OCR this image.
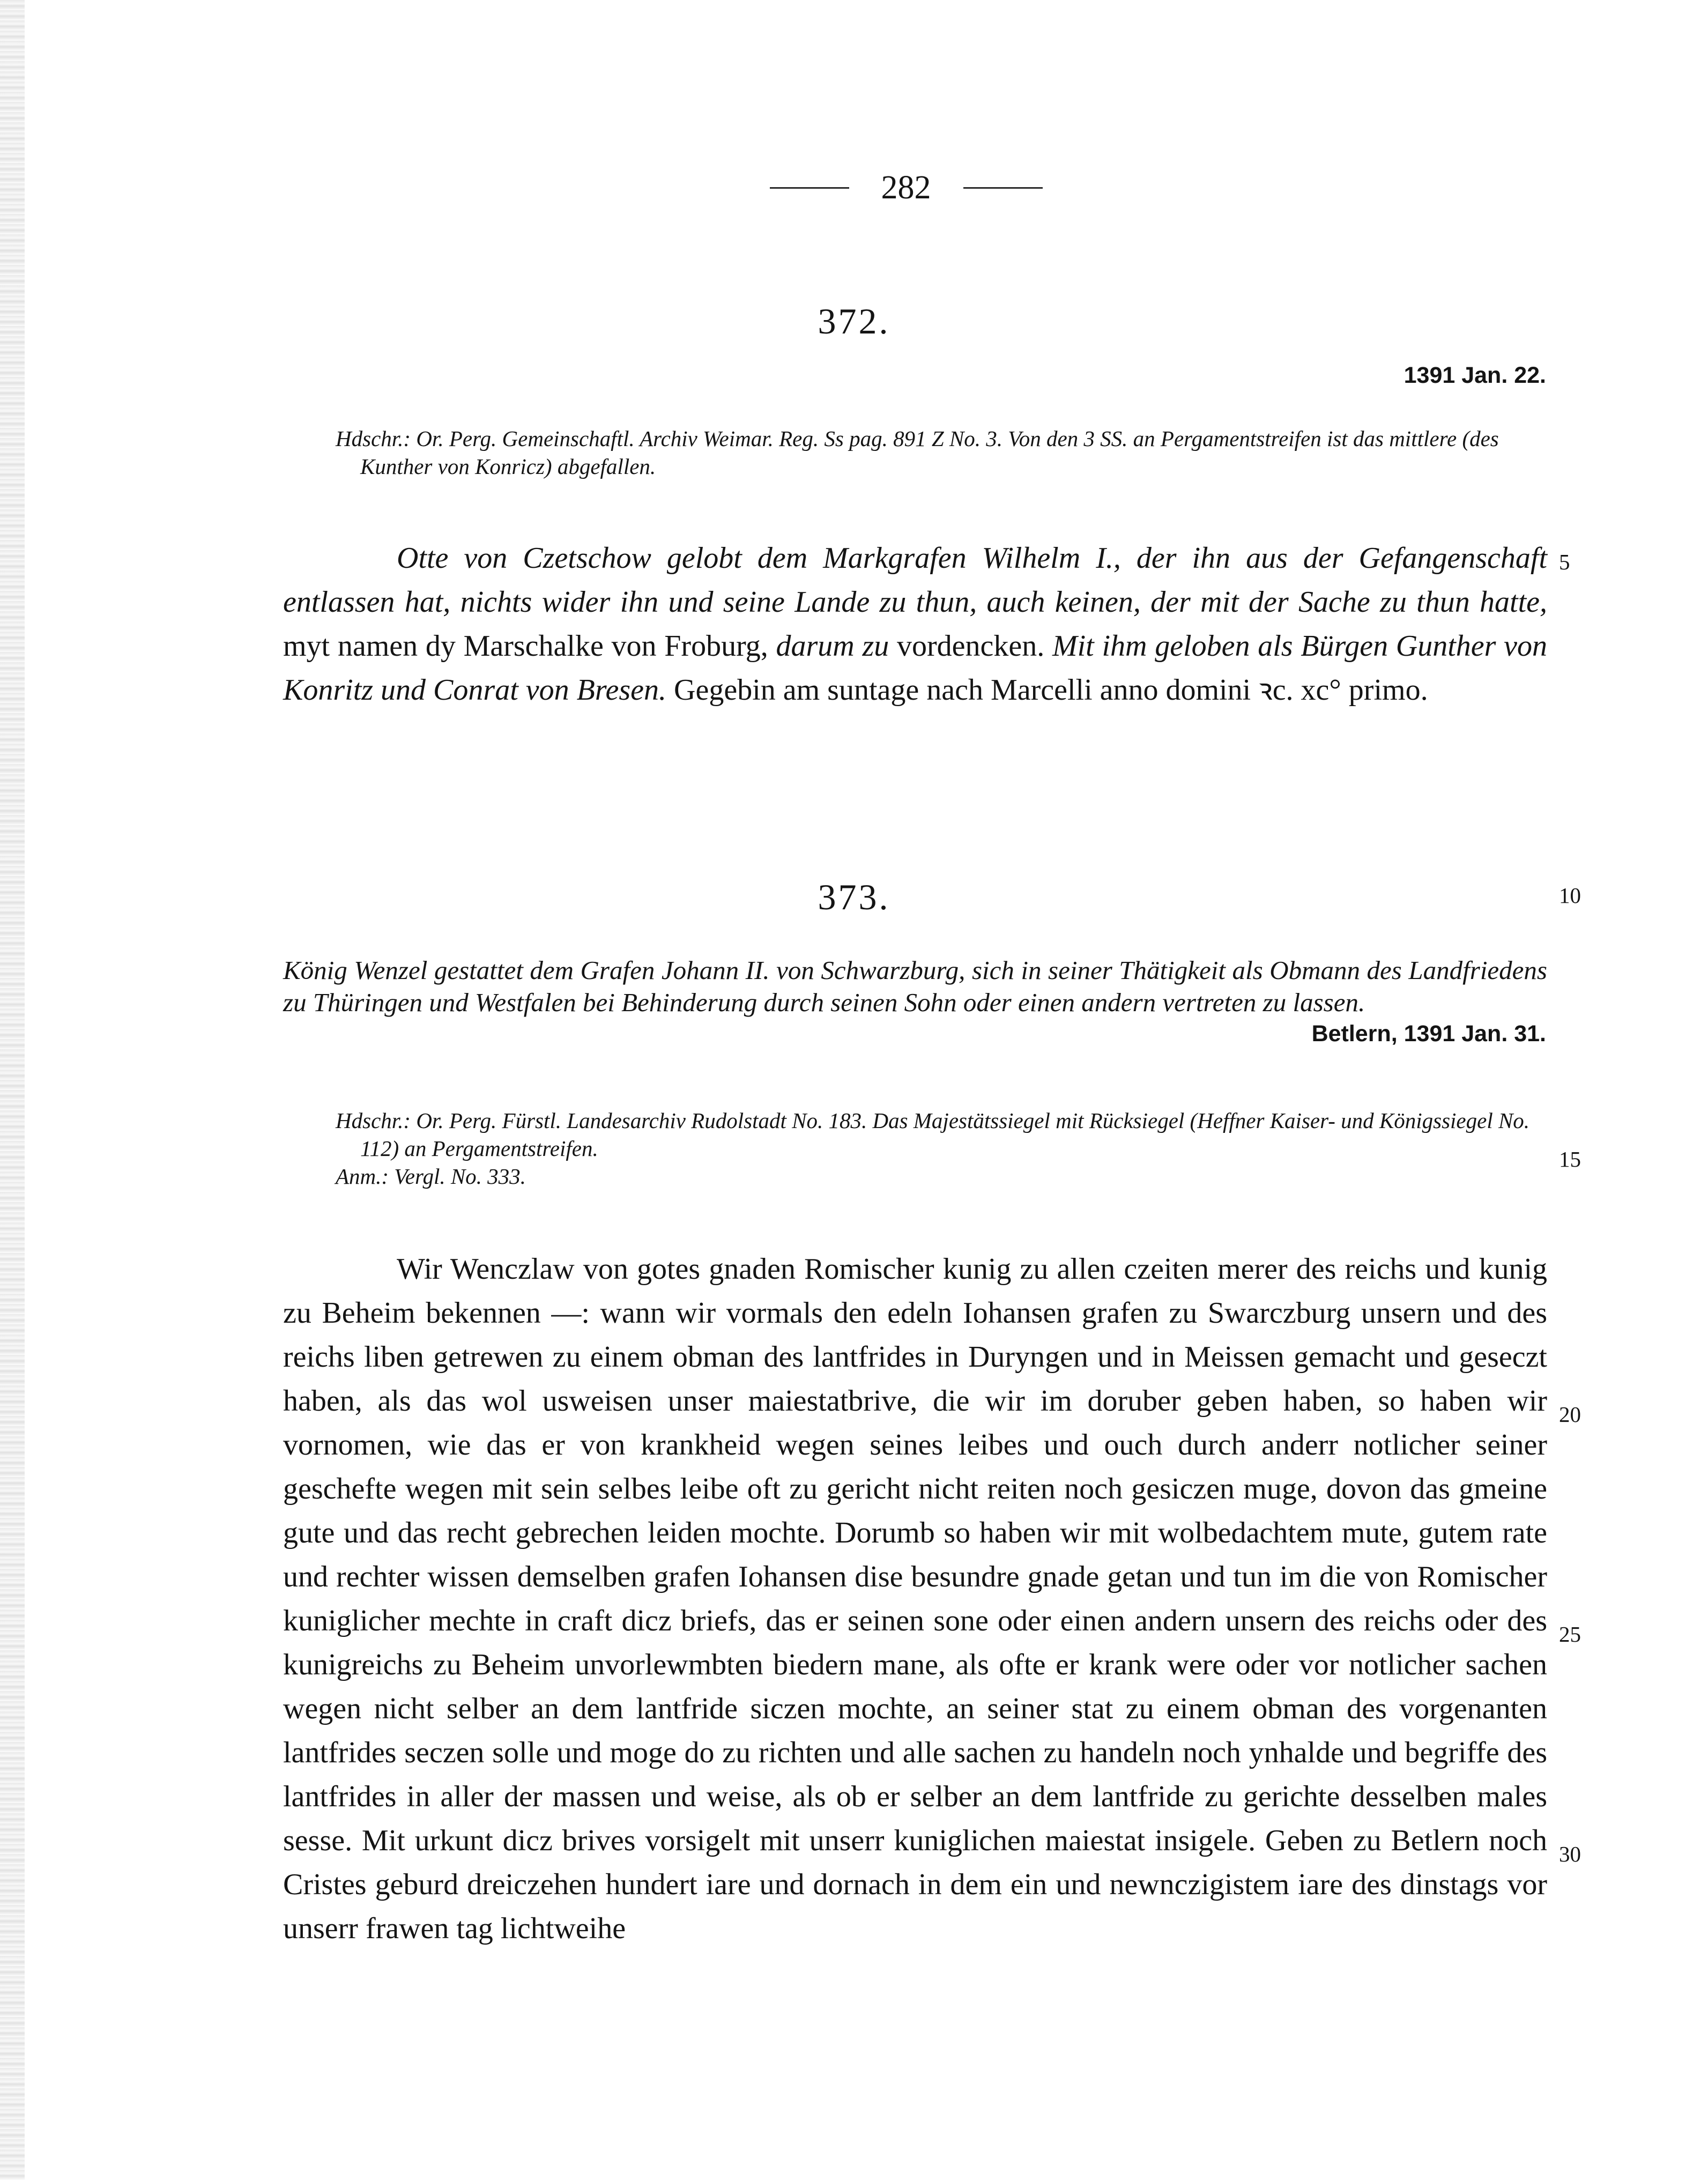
282
372.
1391 Jan. 22.

Hdschr.: Or. Perg. Gemeinschaftl. Archiv Weimar. Reg. Ss pag. 891 Z No. 3. Von den 3 SS. an Pergamentstreifen ist das mittlere (des Kunther von Konricz) abgefallen.

Otte von Czetschow gelobt dem Markgrafen Wilhelm I., der ihn aus der Gefangenschaft entlassen hat, nichts wider ihn und seine Lande zu thun, auch keinen, der mit der Sache zu thun hatte, myt namen dy Marschalke von Froburg, darum zu vordencken. Mit ihm geloben als Bürgen Gunther von Konritz und Conrat von Bresen. Gegebin am suntage nach Marcelli anno domini ꝛc. xc° primo.

373.

König Wenzel gestattet dem Grafen Johann II. von Schwarzburg, sich in seiner Thätigkeit als Obmann des Landfriedens zu Thüringen und Westfalen bei Behinderung durch seinen Sohn oder einen andern vertreten zu lassen.

Betlern, 1391 Jan. 31.

Hdschr.: Or. Perg. Fürstl. Landesarchiv Rudolstadt No. 183. Das Majestätssiegel mit Rücksiegel (Heffner Kaiser- und Königssiegel No. 112) an Pergamentstreifen.

Anm.: Vergl. No. 333.

Wir Wenczlaw von gotes gnaden Romischer kunig zu allen czeiten merer des reichs und kunig zu Beheim bekennen —: wann wir vormals den edeln Iohansen grafen zu Swarczburg unsern und des reichs liben getrewen zu einem obman des lantfrides in Duryngen und in Meissen gemacht und geseczt haben, als das wol usweisen unser maiestatbrive, die wir im doruber geben haben, so haben wir vornomen, wie das er von krankheid wegen seines leibes und ouch durch anderr notlicher seiner geschefte wegen mit sein selbes leibe oft zu gericht nicht reiten noch gesiczen muge, dovon das gmeine gute und das recht gebrechen leiden mochte. Dorumb so haben wir mit wolbedachtem mute, gutem rate und rechter wissen demselben grafen Iohansen dise besundre gnade getan und tun im die von Romischer kuniglicher mechte in craft dicz briefs, das er seinen sone oder einen andern unsern des reichs oder des kunigreichs zu Beheim unvorlewmbten biedern mane, als ofte er krank were oder vor notlicher sachen wegen nicht selber an dem lantfride siczen mochte, an seiner stat zu einem obman des vorgenanten lantfrides seczen solle und moge do zu richten und alle sachen zu handeln noch ynhalde und begriffe des lantfrides in aller der massen und weise, als ob er selber an dem lantfride zu gerichte desselben males sesse. Mit urkunt dicz brives vorsigelt mit unserr kuniglichen maiestat insigele. Geben zu Betlern noch Cristes geburd dreiczehen hundert iare und dornach in dem ein und newnczigistem iare des dinstags vor unserr frawen tag lichtweihe

5
10
15
20
25
30
